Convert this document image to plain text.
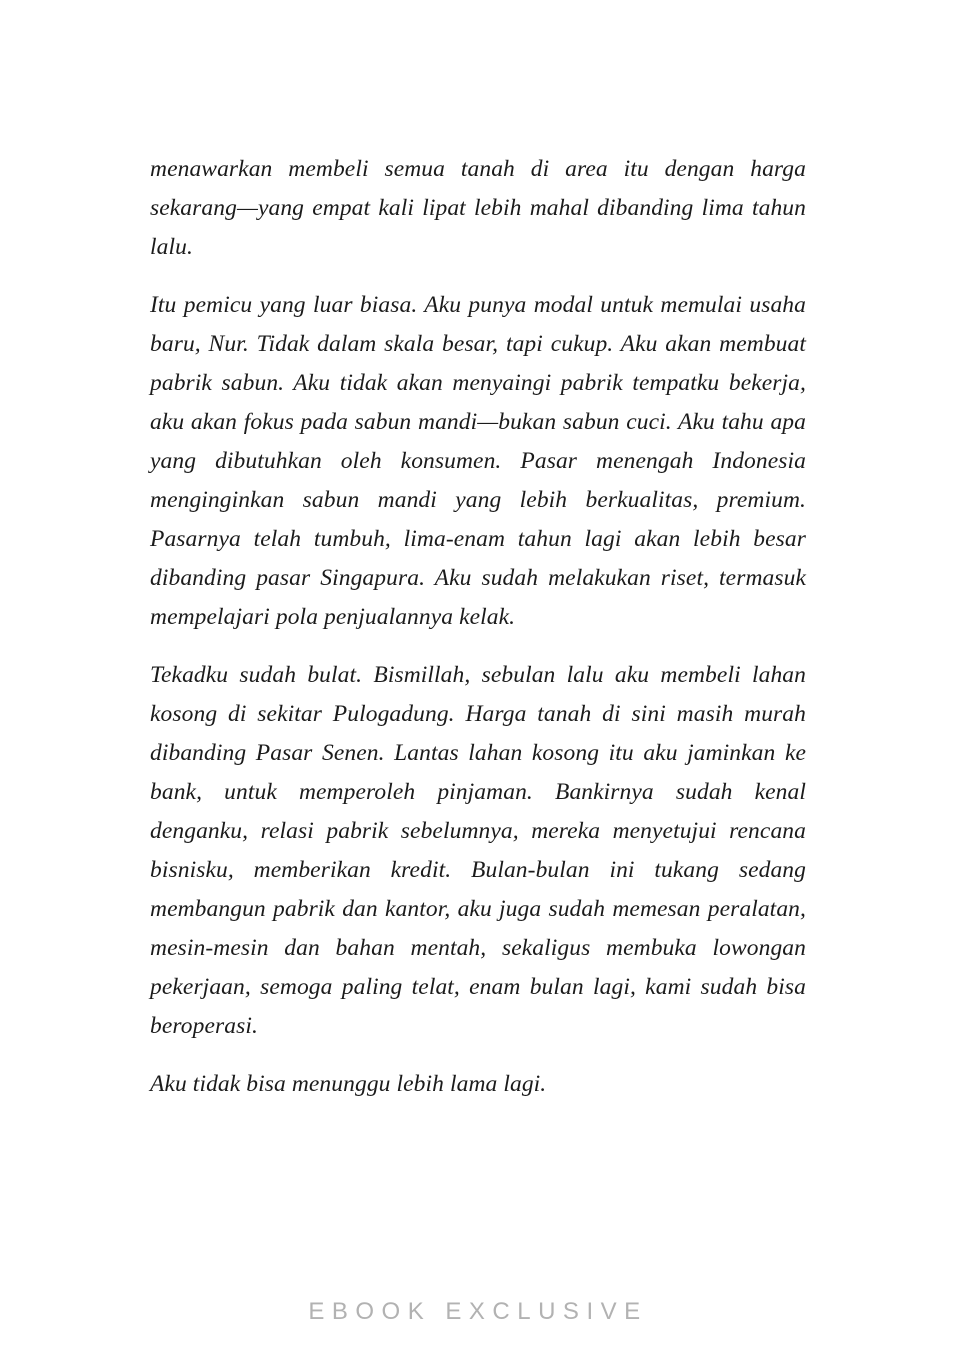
menawarkan membeli semua tanah di area itu dengan harga sekarang—yang empat kali lipat lebih mahal dibanding lima tahun lalu.

Itu pemicu yang luar biasa. Aku punya modal untuk memulai usaha baru, Nur. Tidak dalam skala besar, tapi cukup. Aku akan membuat pabrik sabun. Aku tidak akan menyaingi pabrik tempatku bekerja, aku akan fokus pada sabun mandi—bukan sabun cuci. Aku tahu apa yang dibutuhkan oleh konsumen. Pasar menengah Indonesia menginginkan sabun mandi yang lebih berkualitas, premium. Pasarnya telah tumbuh, lima-enam tahun lagi akan lebih besar dibanding pasar Singapura. Aku sudah melakukan riset, termasuk mempelajari pola penjualannya kelak.

Tekadku sudah bulat. Bismillah, sebulan lalu aku membeli lahan kosong di sekitar Pulogadung. Harga tanah di sini masih murah dibanding Pasar Senen. Lantas lahan kosong itu aku jaminkan ke bank, untuk memperoleh pinjaman. Bankirnya sudah kenal denganku, relasi pabrik sebelumnya, mereka menyetujui rencana bisnisku, memberikan kredit. Bulan-bulan ini tukang sedang membangun pabrik dan kantor, aku juga sudah memesan peralatan, mesin-mesin dan bahan mentah, sekaligus membuka lowongan pekerjaan, semoga paling telat, enam bulan lagi, kami sudah bisa beroperasi.

Aku tidak bisa menunggu lebih lama lagi.

EBOOK EXCLUSIVE
